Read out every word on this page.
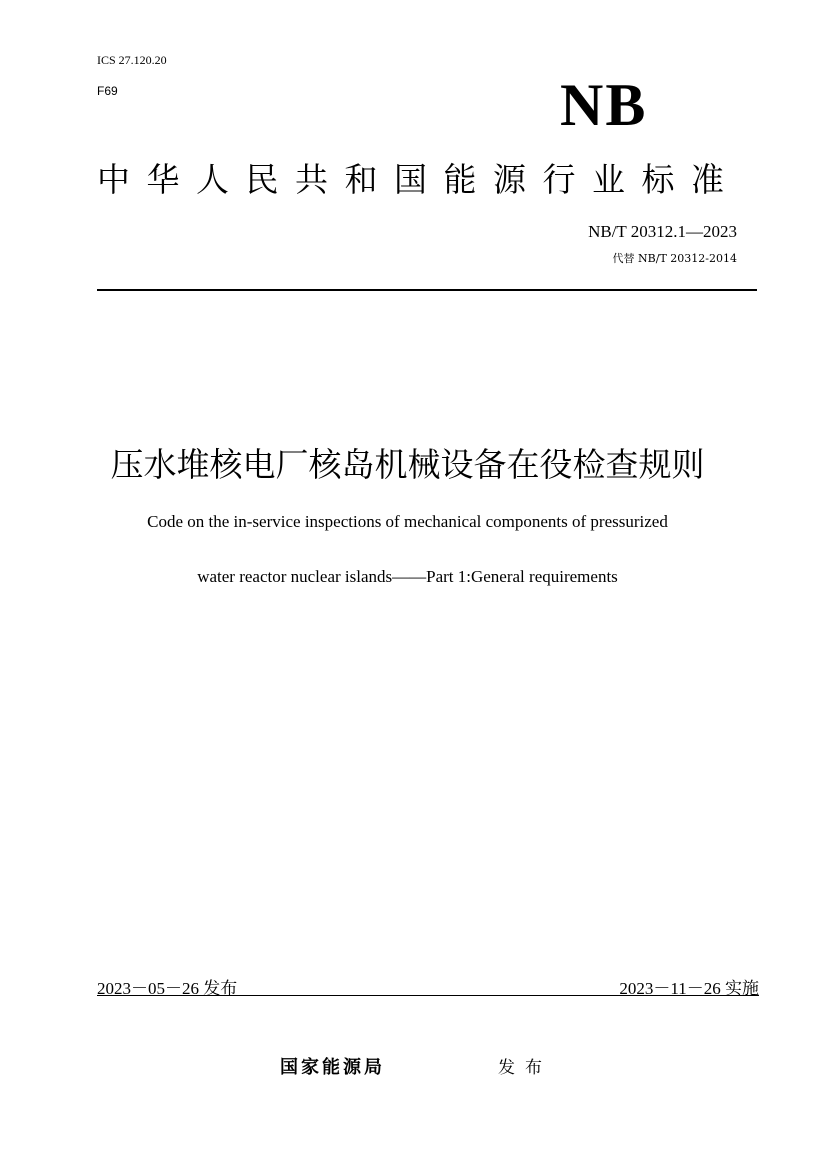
ICS 27.120.20
F69	NB
中华人民共和国能源行业标准
NB/T 20312.1—2023
代替 NB/T 20312-2014
压水堆核电厂核岛机械设备在役检查规则
Code on the in-service inspections of mechanical components of pressurized
water reactor nuclear islands——Part 1:General requirements
2023－05－26 发布	2023－11－26 实施
国家能源局	发布
